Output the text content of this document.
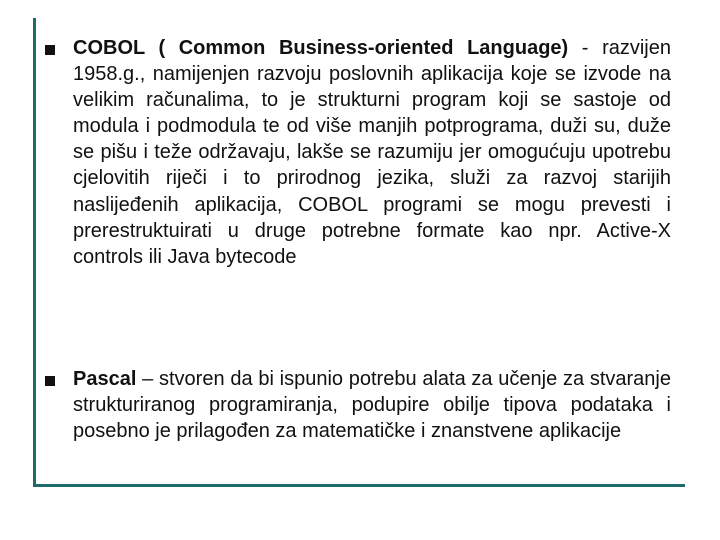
COBOL ( Common Business-oriented Language) - razvijen 1958.g., namijenjen razvoju poslovnih aplikacija koje se izvode na velikim računalima, to je strukturni program koji se sastoje od modula i podmodula te od više manjih potprograma, duži su, duže se pišu i teže održavaju, lakše se razumiju jer omogućuju upotrebu cjelovitih riječi i to prirodnog jezika, služi za razvoj starijih naslijeđenih aplikacija, COBOL programi se mogu prevesti i prerestruktuirati u druge potrebne formate kao npr. Active-X controls ili Java bytecode

Pascal – stvoren da bi ispunio potrebu alata za učenje za stvaranje strukturiranog programiranja, podupire obilje tipova podataka i posebno je prilagođen za matematičke i znanstvene aplikacije
